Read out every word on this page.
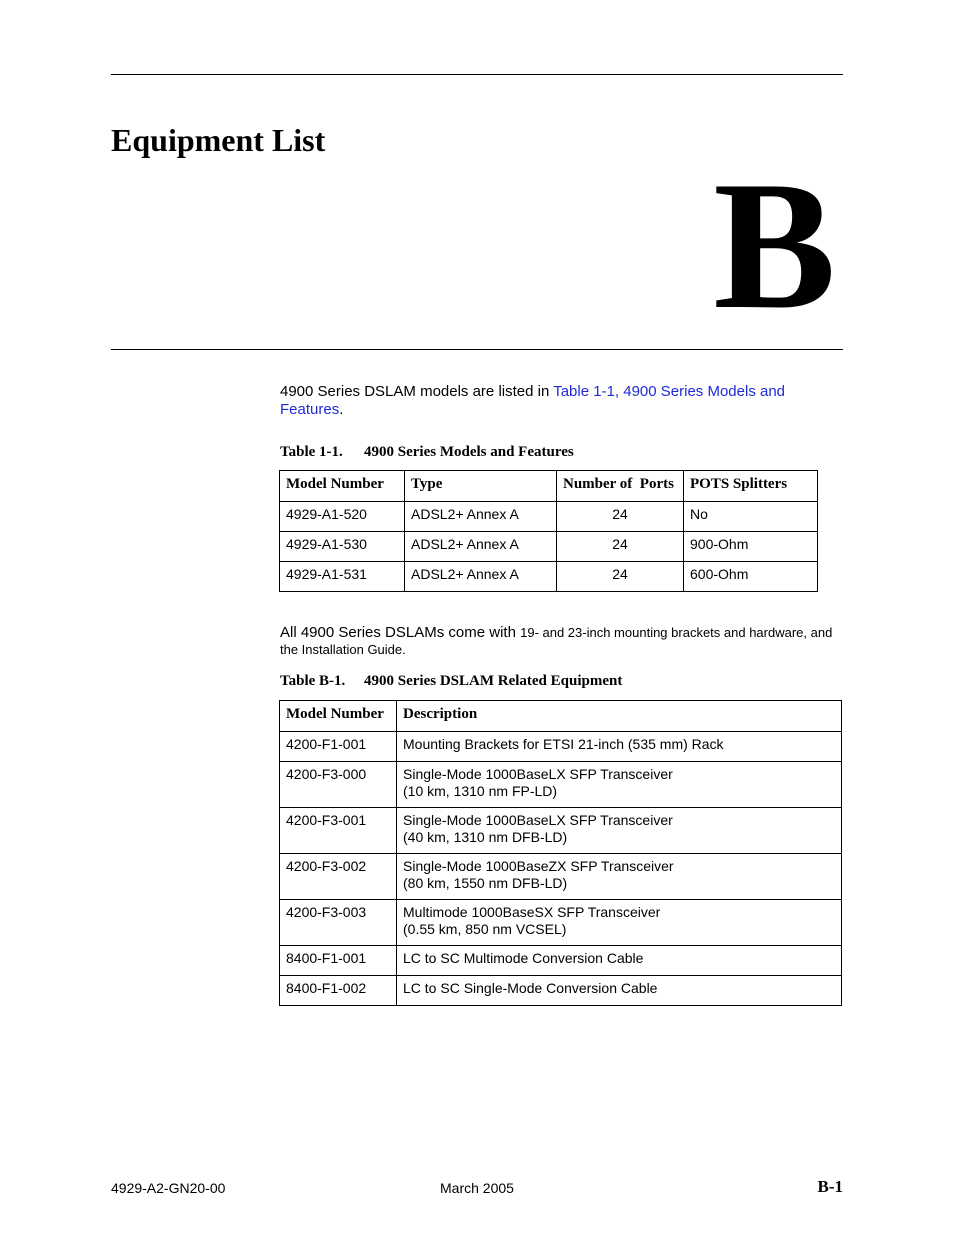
Equipment List
B
4900 Series DSLAM models are listed in Table 1-1, 4900 Series Models and Features.
Table 1-1. 4900 Series Models and Features
Model Number	Type	Number of  Ports	POTS Splitters
4929-A1-520	ADSL2+ Annex A	24	No
4929-A1-530	ADSL2+ Annex A	24	900-Ohm
4929-A1-531	ADSL2+ Annex A	24	600-Ohm
All 4900 Series DSLAMs come with 19- and 23-inch mounting brackets and hardware, and the Installation Guide.
Table B-1. 4900 Series DSLAM Related Equipment
Model Number	Description
4200-F1-001	Mounting Brackets for ETSI 21-inch (535 mm) Rack

4200-F3-000	Single-Mode 1000BaseLX SFP Transceiver
(10 km, 1310 nm FP-LD)

4200-F3-001	Single-Mode 1000BaseLX SFP Transceiver
(40 km, 1310 nm DFB-LD)

4200-F3-002	Single-Mode 1000BaseZX SFP Transceiver
(80 km, 1550 nm DFB-LD)

4200-F3-003	Multimode 1000BaseSX SFP Transceiver
(0.55 km, 850 nm VCSEL)

8400-F1-001	LC to SC Multimode Conversion Cable

8400-F1-002	LC to SC Single-Mode Conversion Cable
4929-A2-GN20-00	March 2005	B-1
